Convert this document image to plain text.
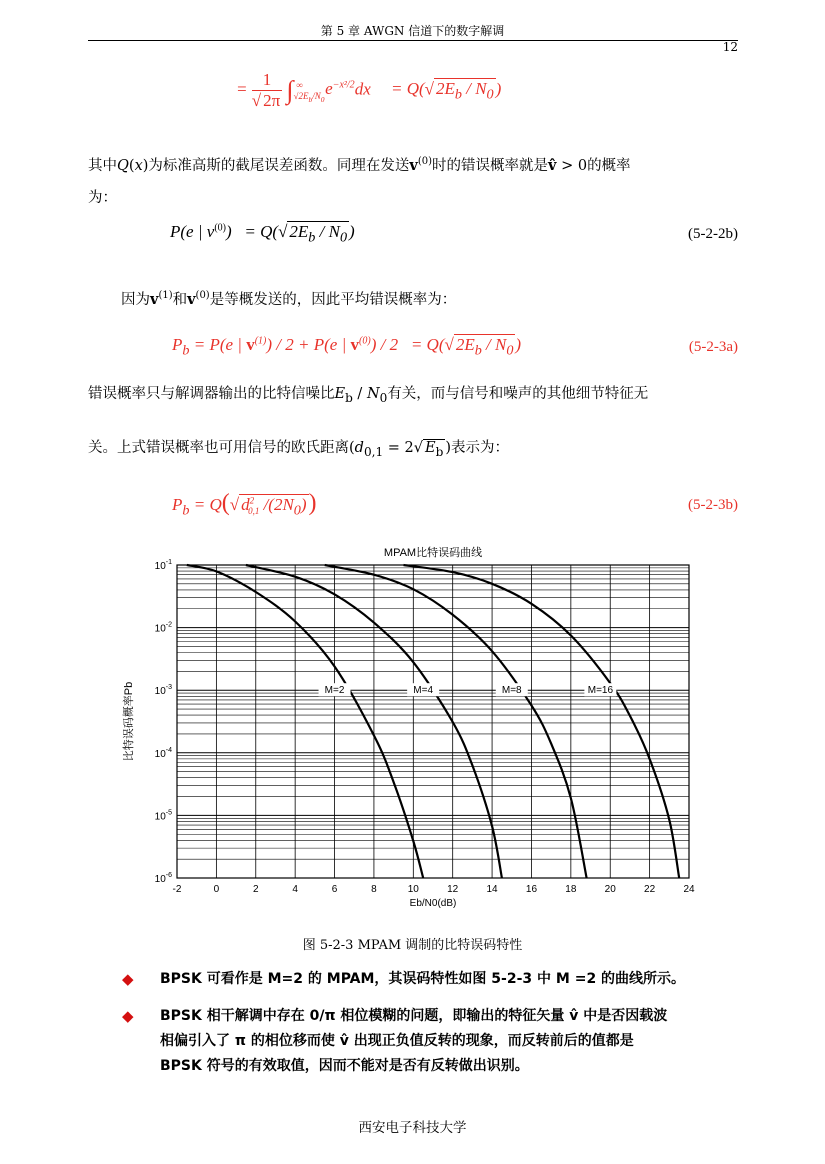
第 5 章 AWGN 信道下的数字解调
12
= $\frac{1}{√ 2\pi} \int_{√2E_b/N_0}^\infty$ $e^{-x^2/2}dx = Q(√$ $2E_b / N_0$ )
其中Q(x)为标准高斯的截尾误差函数。同理在发送$v^{(0)}$时的错误概率就是v̂ > 0的概率
为：
P(e | $v^{(0)}) = Q(√$ $2E_b / N_0$ )	(5-2-2b)
因为$v^{(1)}$和$v^{(0)}$是等概发送的，因此平均错误概率为：
$P_b = P(e$ | $v^{(1)}) / 2 + P(e$ | $v^{(0)}) / 2 = Q(√$ $2E_b / N_0$ )	(5-2-3a)
错误概率只与解调器输出的比特信噪比$E_b / N_0$有关，而与信号和噪声的其他细节特征无
关。上式错误概率也可用信号的欧氏距离($d_{0,1} = 2√$ $E_b$ )表示为：
$P_b = Q(√$ $d^2_{0,1}$ $/(2N_0)$)	(5-2-3b)
-2	0	2	4	6	8	10	12	14	16	18	20	22	24
$10^{-1}$
$10^{-2}$
$10^{-3}$
$10^{-4}$
$10^{-5}$
$10^{-6}$
MPAM比特误码曲线
Eb/N0(dB)
比特误码概率Pb	M=2	M=4	M=8	M=16
图 5-2-3 MPAM 调制的比特误码特性
◆ BPSK 可看作是 M=2 的 MPAM，其误码特性如图 5-2-3 中 M =2 的曲线所示。
◆ BPSK 相干解调中存在 0/π 相位模糊的问题，即输出的特征矢量 v̂ 中是否因载波
相偏引入了 π 的相位移而使 v̂ 出现正负值反转的现象，而反转前后的值都是
BPSK 符号的有效取值，因而不能对是否有反转做出识别。
西安电子科技大学
